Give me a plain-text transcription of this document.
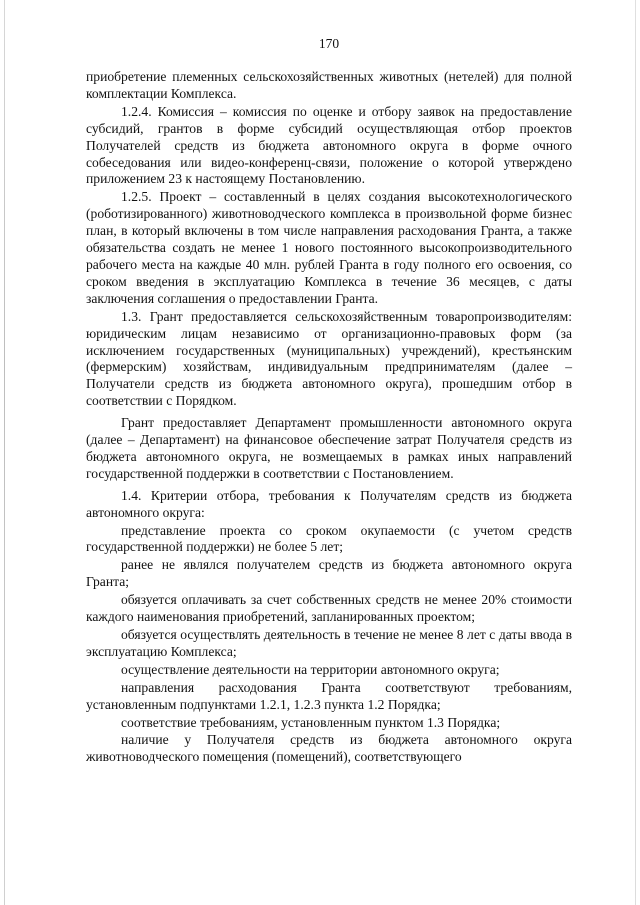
170

приобретение племенных сельскохозяйственных животных (нетелей) для полной комплектации Комплекса.

1.2.4. Комиссия – комиссия по оценке и отбору заявок на предоставление субсидий, грантов в форме субсидий осуществляющая отбор проектов Получателей средств из бюджета автономного округа в форме очного собеседования или видео-конференц-связи, положение о которой утверждено приложением 23 к настоящему Постановлению.

1.2.5. Проект – составленный в целях создания высокотехнологического (роботизированного) животноводческого комплекса в произвольной форме бизнес план, в который включены в том числе направления расходования Гранта, а также обязательства создать не менее 1 нового постоянного высокопроизводительного рабочего места на каждые 40 млн. рублей Гранта в году полного его освоения, со сроком введения в эксплуатацию Комплекса в течение 36 месяцев, с даты заключения соглашения о предоставлении Гранта.

1.3. Грант предоставляется сельскохозяйственным товаропроизводителям: юридическим лицам независимо от организационно-правовых форм (за исключением государственных (муниципальных) учреждений), крестьянским (фермерским) хозяйствам, индивидуальным предпринимателям (далее – Получатели средств из бюджета автономного округа), прошедшим отбор в соответствии с Порядком.

Грант предоставляет Департамент промышленности автономного округа (далее – Департамент) на финансовое обеспечение затрат Получателя средств из бюджета автономного округа, не возмещаемых в рамках иных направлений государственной поддержки в соответствии с Постановлением.

1.4. Критерии отбора, требования к Получателям средств из бюджета автономного округа:

представление проекта со сроком окупаемости (с учетом средств государственной поддержки) не более 5 лет;

ранее не являлся получателем средств из бюджета автономного округа Гранта;

обязуется оплачивать за счет собственных средств не менее 20% стоимости каждого наименования приобретений, запланированных проектом;

обязуется осуществлять деятельность в течение не менее 8 лет с даты ввода в эксплуатацию Комплекса;

осуществление деятельности на территории автономного округа;

направления расходования Гранта соответствуют требованиям, установленным подпунктами 1.2.1, 1.2.3 пункта 1.2 Порядка;

соответствие требованиям, установленным пунктом 1.3 Порядка;

наличие у Получателя средств из бюджета автономного округа животноводческого помещения (помещений), соответствующего
